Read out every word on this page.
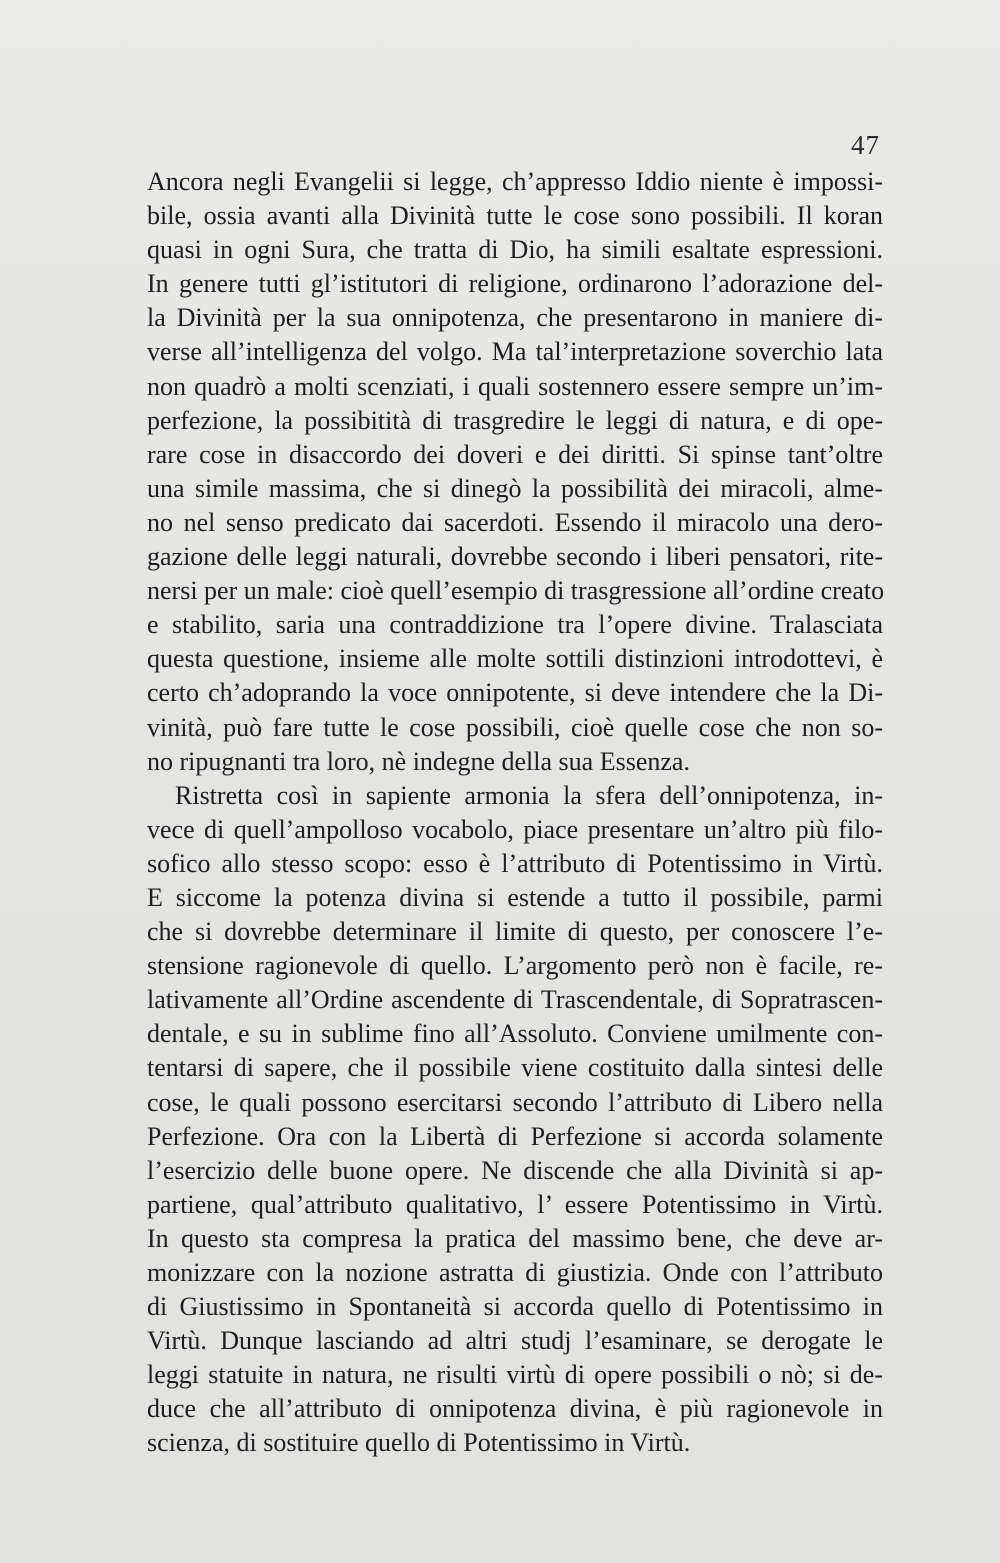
47
Ancora negli Evangelii si legge, ch’appresso Iddio niente è impossi-
bile, ossia avanti alla Divinità tutte le cose sono possibili. Il koran
quasi in ogni Sura, che tratta di Dio, ha simili esaltate espressioni.
In genere tutti gl’istitutori di religione, ordinarono l’adorazione del-
la Divinità per la sua onnipotenza, che presentarono in maniere di-
verse all’intelligenza del volgo. Ma tal’interpretazione soverchio lata
non quadrò a molti scenziati, i quali sostennero essere sempre un’im-
perfezione, la possibitità di trasgredire le leggi di natura, e di ope-
rare cose in disaccordo dei doveri e dei diritti. Si spinse tant’oltre
una simile massima, che si dinegò la possibilità dei miracoli, alme-
no nel senso predicato dai sacerdoti. Essendo il miracolo una dero-
gazione delle leggi naturali, dovrebbe secondo i liberi pensatori, rite-
nersi per un male: cioè quell’esempio di trasgressione all’ordine creato
e stabilito, saria una contraddizione tra l’opere divine. Tralasciata
questa questione, insieme alle molte sottili distinzioni introdottevi, è
certo ch’adoprando la voce onnipotente, si deve intendere che la Di-
vinità, può fare tutte le cose possibili, cioè quelle cose che non so-
no ripugnanti tra loro, nè indegne della sua Essenza.
Ristretta così in sapiente armonia la sfera dell’onnipotenza, in-
vece di quell’ampolloso vocabolo, piace presentare un’altro più filo-
sofico allo stesso scopo: esso è l’attributo di Potentissimo in Virtù.
E siccome la potenza divina si estende a tutto il possibile, parmi
che si dovrebbe determinare il limite di questo, per conoscere l’e-
stensione ragionevole di quello. L’argomento però non è facile, re-
lativamente all’Ordine ascendente di Trascendentale, di Sopratrascen-
dentale, e su in sublime fino all’Assoluto. Conviene umilmente con-
tentarsi di sapere, che il possibile viene costituito dalla sintesi delle
cose, le quali possono esercitarsi secondo l’attributo di Libero nella
Perfezione. Ora con la Libertà di Perfezione si accorda solamente
l’esercizio delle buone opere. Ne discende che alla Divinità si ap-
partiene, qual’attributo qualitativo, l’ essere Potentissimo in Virtù.
In questo sta compresa la pratica del massimo bene, che deve ar-
monizzare con la nozione astratta di giustizia. Onde con l’attributo
di Giustissimo in Spontaneità si accorda quello di Potentissimo in
Virtù. Dunque lasciando ad altri studj l’esaminare, se derogate le
leggi statuite in natura, ne risulti virtù di opere possibili o nò; si de-
duce che all’attributo di onnipotenza divina, è più ragionevole in
scienza, di sostituire quello di Potentissimo in Virtù.
